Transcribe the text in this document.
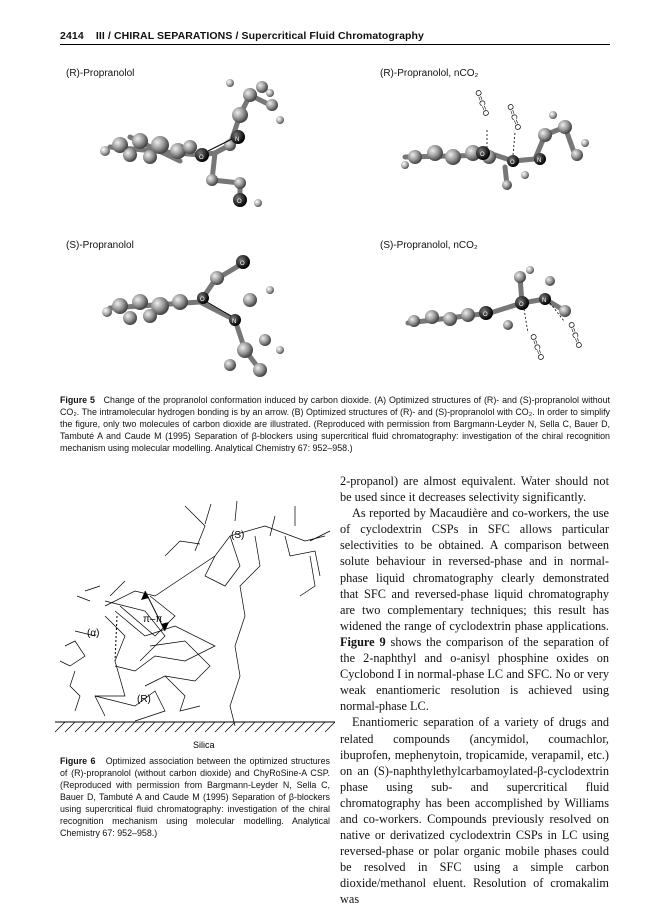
2414 III / CHIRAL SEPARATIONS / Supercritical Fluid Chromatography
(R)-Propranolol	(R)-Propranolol, nCO₂
(S)-Propranolol	(S)-Propranolol, nCO₂
O
N
O
O=C=O O=C=O
O
O	N
O
O
N
O=C=O	O=C=O
O
O
N
Figure 5 Change of the propranolol conformation induced by carbon dioxide. (A) Optimized structures of (R)- and (S)-propranolol without CO₂. The intramolecular hydrogen bonding is by an arrow. (B) Optimized structures of (R)- and (S)-propranolol with CO₂. In order to simplify the figure, only two molecules of carbon dioxide are illustrated. (Reproduced with permission from Bargmann-Leyder N, Sella C, Bauer D, Tambuté A and Caude M (1995) Separation of β-blockers using supercritical fluid chromatography: investigation of the chiral recognition mechanism using molecular modelling. Analytical Chemistry 67: 952–958.)
(S)
π–π
(α)
(R)
Silica
Figure 6 Optimized association between the optimized structures of (R)-propranolol (without carbon dioxide) and ChyRoSine-A CSP. (Reproduced with permission from Bargmann-Leyder N, Sella C, Bauer D, Tambuté A and Caude M (1995) Separation of β-blockers using supercritical fluid chromatography: investigation of the chiral recognition mechanism using molecular modelling. Analytical Chemistry 67: 952–958.)

2-propanol) are almost equivalent. Water should not be used since it decreases selectivity significantly.

As reported by Macaudière and co-workers, the use of cyclodextrin CSPs in SFC allows particular selectivities to be obtained. A comparison between solute behaviour in reversed-phase and in normal-phase liquid chromatography clearly demonstrated that SFC and reversed-phase liquid chromatography are two complementary techniques; this result has widened the range of cyclodextrin phase applications. Figure 9 shows the comparison of the separation of the 2-naphthyl and o-anisyl phosphine oxides on Cyclobond I in normal-phase LC and SFC. No or very weak enantiomeric resolution is achieved using normal-phase LC.

Enantiomeric separation of a variety of drugs and related compounds (ancymidol, coumachlor, ibuprofen, mephenytoin, tropicamide, verapamil, etc.) on an (S)-naphthylethylcarbamoylated-β-cyclodextrin phase using sub- and supercritical fluid chromatography has been accomplished by Williams and co-workers. Compounds previously resolved on native or derivatized cyclodextrin CSPs in LC using reversed-phase or polar organic mobile phases could be resolved in SFC using a simple carbon dioxide/methanol eluent. Resolution of cromakalim was
